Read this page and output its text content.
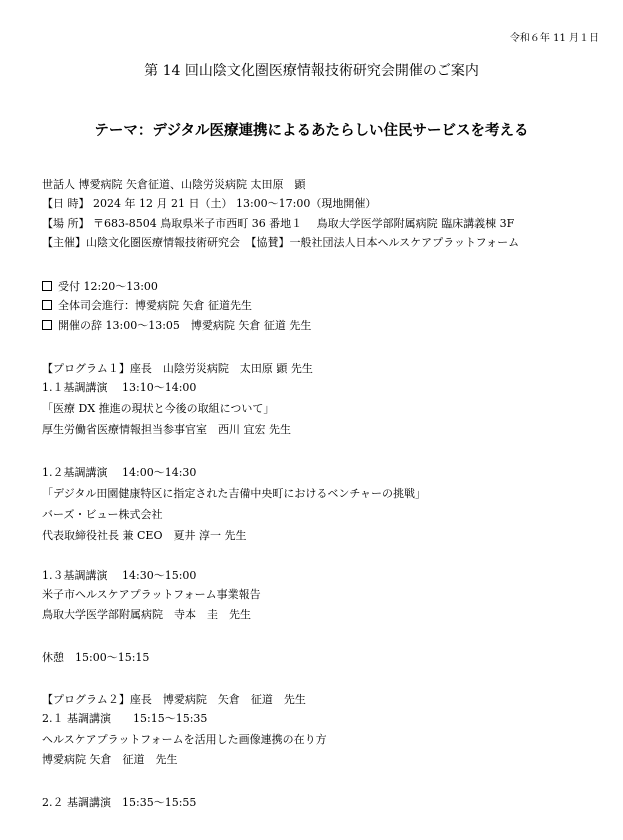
令和６年 11 月１日
第 14 回山陰文化圏医療情報技術研究会開催のご案内
テーマ：デジタル医療連携によるあたらしい住民サービスを考える
世話人 博愛病院 矢倉征道、山陰労災病院 太田原　顕
【日 時】 2024 年 12 月 21 日（土） 13:00～17:00（現地開催）
【場 所】 〒683-8504 鳥取県米子市西町 36 番地１　 鳥取大学医学部附属病院 臨床講義棟 3F
【主催】山陰文化圏医療情報技術研究会　【協賛】一般社団法人日本ヘルスケアプラットフォーム
受付 12:20～13:00
全体司会進行：博愛病院 矢倉 征道先生
開催の辞 13:00～13:05　博愛病院 矢倉 征道 先生
【プログラム１】座長　山陰労災病院　太田原 顕 先生
1.１基調講演　 13:10～14:00
「医療 DX 推進の現状と今後の取組について」
厚生労働省医療情報担当参事官室　西川 宜宏 先生
1.２基調講演　 14:00～14:30
「デジタル田園健康特区に指定された吉備中央町におけるベンチャーの挑戦」
バーズ・ビュー株式会社
代表取締役社長 兼 CEO　夏井 淳一 先生
1.３基調講演　 14:30～15:00
米子市ヘルスケアプラットフォーム事業報告
鳥取大学医学部附属病院　寺本　圭　先生
休憩　15:00～15:15
【プログラム２】座長　博愛病院　矢倉　征道　先生
2.１ 基調講演　　15:15～15:35
ヘルスケアプラットフォームを活用した画像連携の在り方
博愛病院 矢倉　征道　先生
2.２ 基調講演　15:35～15:55
